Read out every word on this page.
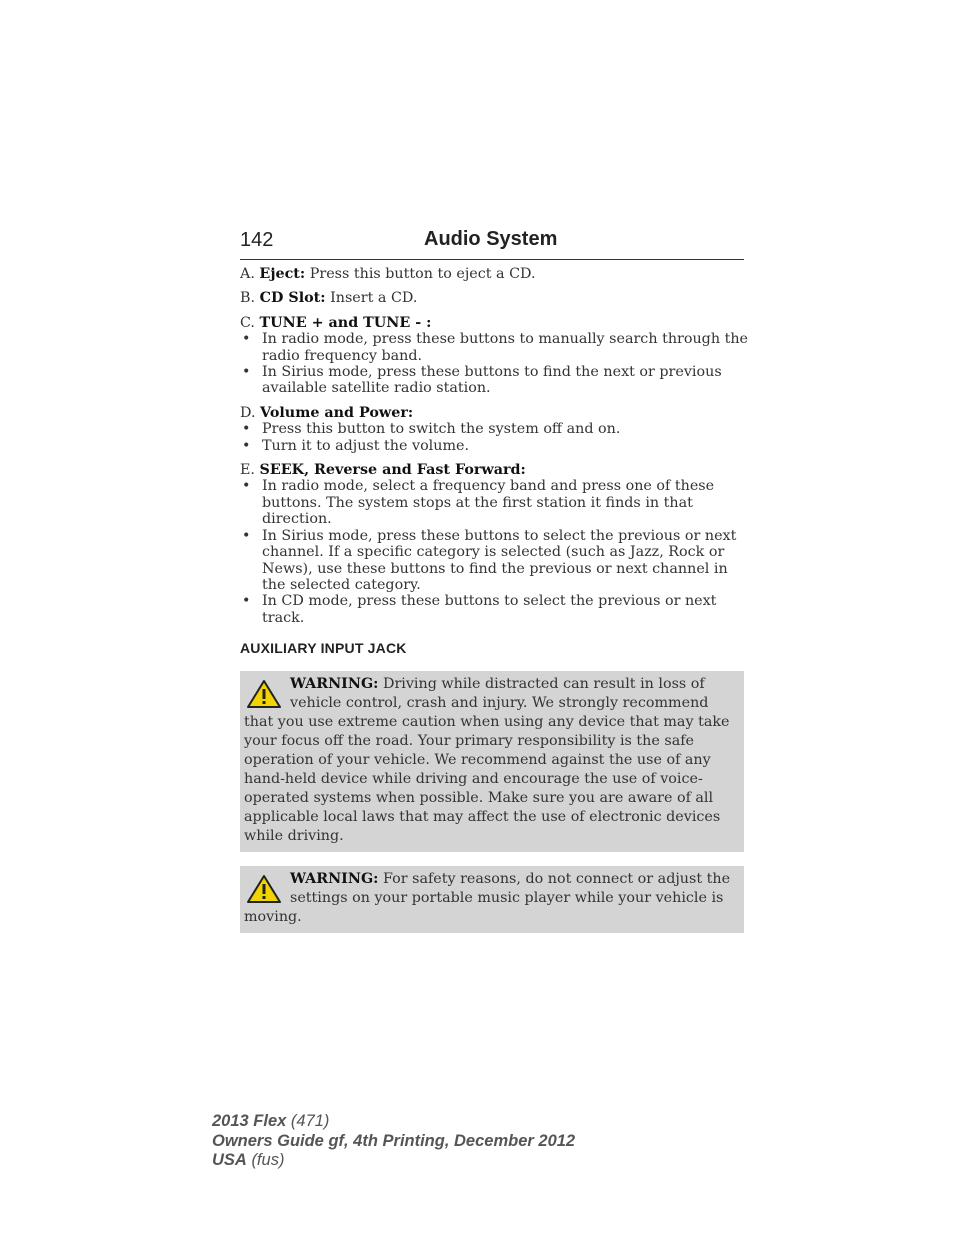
142	Audio System
A. Eject: Press this button to eject a CD.
B. CD Slot: Insert a CD.
C. TUNE + and TUNE - :
• In radio mode, press these buttons to manually search through the radio frequency band.
• In Sirius mode, press these buttons to find the next or previous available satellite radio station.
D. Volume and Power:
• Press this button to switch the system off and on.
• Turn it to adjust the volume.
E. SEEK, Reverse and Fast Forward:
• In radio mode, select a frequency band and press one of these buttons. The system stops at the first station it finds in that direction.
• In Sirius mode, press these buttons to select the previous or next channel. If a specific category is selected (such as Jazz, Rock or News), use these buttons to find the previous or next channel in the selected category.
• In CD mode, press these buttons to select the previous or next track.
AUXILIARY INPUT JACK
WARNING: Driving while distracted can result in loss of vehicle control, crash and injury. We strongly recommend that you use extreme caution when using any device that may take your focus off the road. Your primary responsibility is the safe operation of your vehicle. We recommend against the use of any hand-held device while driving and encourage the use of voice-operated systems when possible. Make sure you are aware of all applicable local laws that may affect the use of electronic devices while driving.
WARNING: For safety reasons, do not connect or adjust the settings on your portable music player while your vehicle is moving.
2013 Flex (471)
Owners Guide gf, 4th Printing, December 2012
USA (fus)
